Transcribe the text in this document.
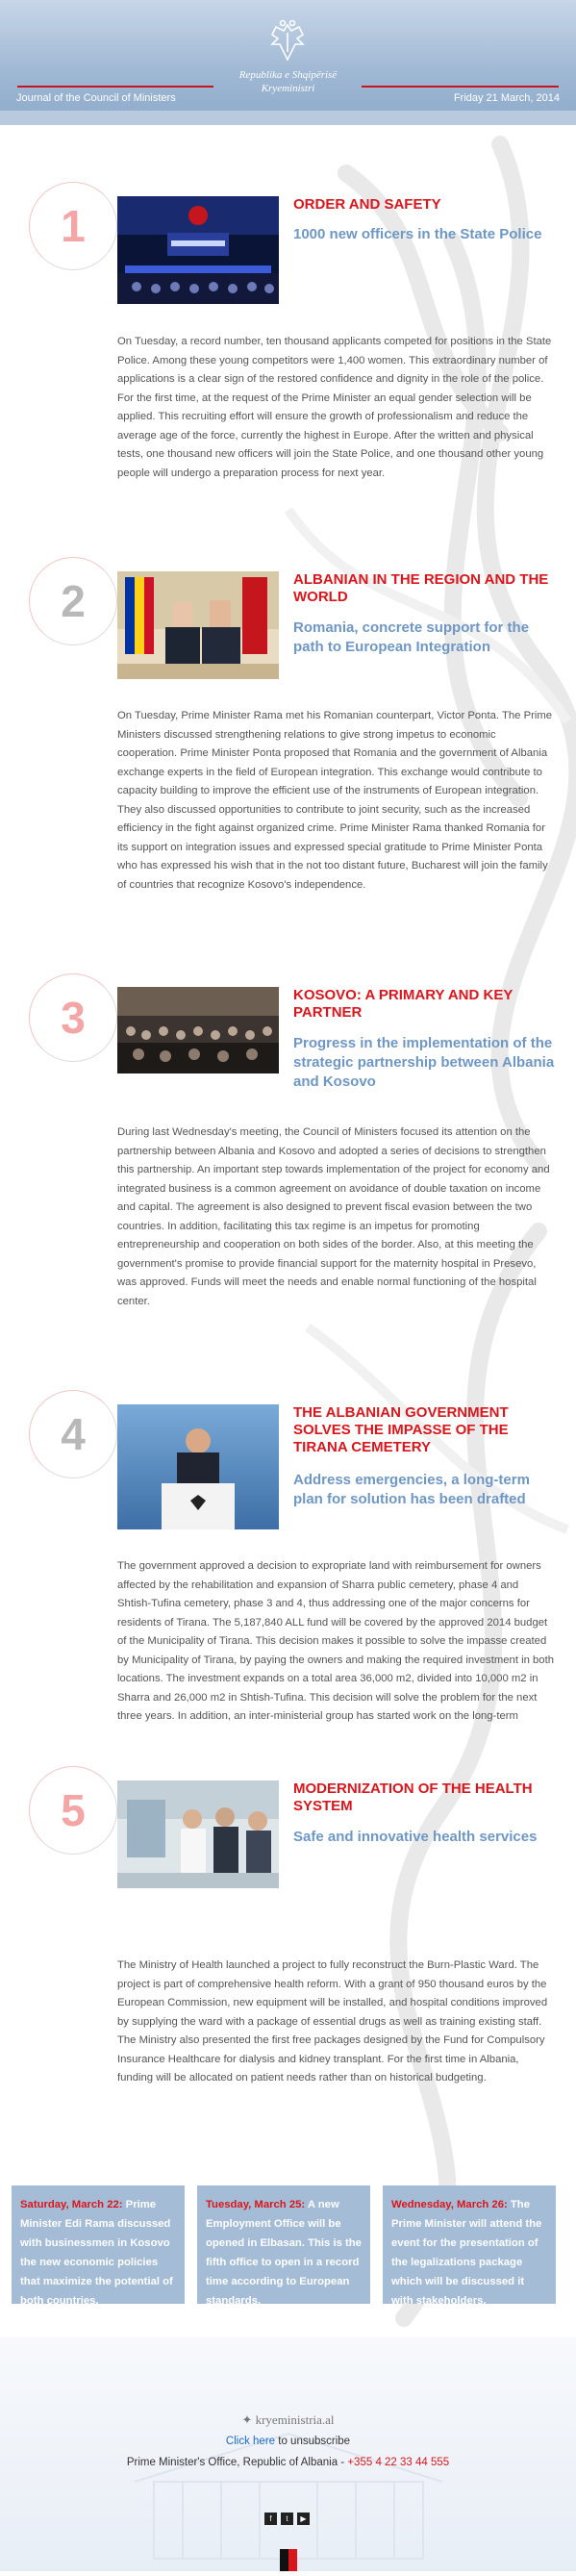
Republika e Shqipërisë
Kryeministri
Journal of the Council of Ministers	Friday 21 March, 2014
1	ORDER AND SAFETY
1000 new officers in the State Police
On Tuesday, a record number, ten thousand applicants competed for positions in the State Police. Among these young competitors were 1,400 women. This extraordinary number of applications is a clear sign of the restored confidence and dignity in the role of the police. For the first time, at the request of the Prime Minister an equal gender selection will be applied. This recruiting effort will ensure the growth of professionalism and reduce the average age of the force, currently the highest in Europe. After the written and physical tests, one thousand new officers will join the State Police, and one thousand other young people will undergo a preparation process for next year.
2	ALBANIAN IN THE REGION AND THE WORLD
Romania, concrete support for the path to European Integration
On Tuesday, Prime Minister Rama met his Romanian counterpart, Victor Ponta. The Prime Ministers discussed strengthening relations to give strong impetus to economic cooperation. Prime Minister Ponta proposed that Romania and the government of Albania exchange experts in the field of European integration. This exchange would contribute to capacity building to improve the efficient use of the instruments of European integration. They also discussed opportunities to contribute to joint security, such as the increased efficiency in the fight against organized crime. Prime Minister Rama thanked Romania for its support on integration issues and expressed special gratitude to Prime Minister Ponta who has expressed his wish that in the not too distant future, Bucharest will join the family of countries that recognize Kosovo's independence.
3	KOSOVO: A PRIMARY AND KEY PARTNER
Progress in the implementation of the strategic partnership between Albania and Kosovo
During last Wednesday's meeting, the Council of Ministers focused its attention on the partnership between Albania and Kosovo and adopted a series of decisions to strengthen this partnership. An important step towards implementation of the project for economy and integrated business is a common agreement on avoidance of double taxation on income and capital. The agreement is also designed to prevent fiscal evasion between the two countries. In addition, facilitating this tax regime is an impetus for promoting entrepreneurship and cooperation on both sides of the border. Also, at this meeting the government's promise to provide financial support for the maternity hospital in Presevo, was approved. Funds will meet the needs and enable normal functioning of the hospital center.
4	THE ALBANIAN GOVERNMENT SOLVES THE IMPASSE OF THE TIRANA CEMETERY
Address emergencies, a long-term plan for solution has been drafted
The government approved a decision to expropriate land with reimbursement for owners affected by the rehabilitation and expansion of Sharra public cemetery, phase 4 and Shtish-Tufina cemetery, phase 3 and 4, thus addressing one of the major concerns for residents of Tirana. The 5,187,840 ALL fund will be covered by the approved 2014 budget of the Municipality of Tirana. This decision makes it possible to solve the impasse created by Municipality of Tirana, by paying the owners and making the required investment in both locations. The investment expands on a total area 36,000 m2, divided into 10,000 m2 in Sharra and 26,000 m2 in Shtish-Tufina. This decision will solve the problem for the next three years. In addition, an inter-ministerial group has started work on the long-term
5	MODERNIZATION OF THE HEALTH SYSTEM
Safe and innovative health services
The Ministry of Health launched a project to fully reconstruct the Burn-Plastic Ward. The project is part of comprehensive health reform. With a grant of 950 thousand euros by the European Commission, new equipment will be installed, and hospital conditions improved by supplying the ward with a package of essential drugs as well as training existing staff. The Ministry also presented the first free packages designed by the Fund for Compulsory Insurance Healthcare for dialysis and kidney transplant. For the first time in Albania, funding will be allocated on patient needs rather than on historical budgeting.
Saturday, March 22: Prime Minister Edi Rama discussed with businessmen in Kosovo the new economic policies that maximize the potential of both countries.
Tuesday, March 25: A new Employment Office will be opened in Elbasan. This is the fifth office to open in a record time according to European standards.
Wednesday, March 26: The Prime Minister will attend the event for the presentation of the legalizations package which will be discussed it with stakeholders.
✦ kryeministria.al
Click here to unsubscribe
Prime Minister's Office, Republic of Albania - +355 4 22 33 44 555
f	t	▶
